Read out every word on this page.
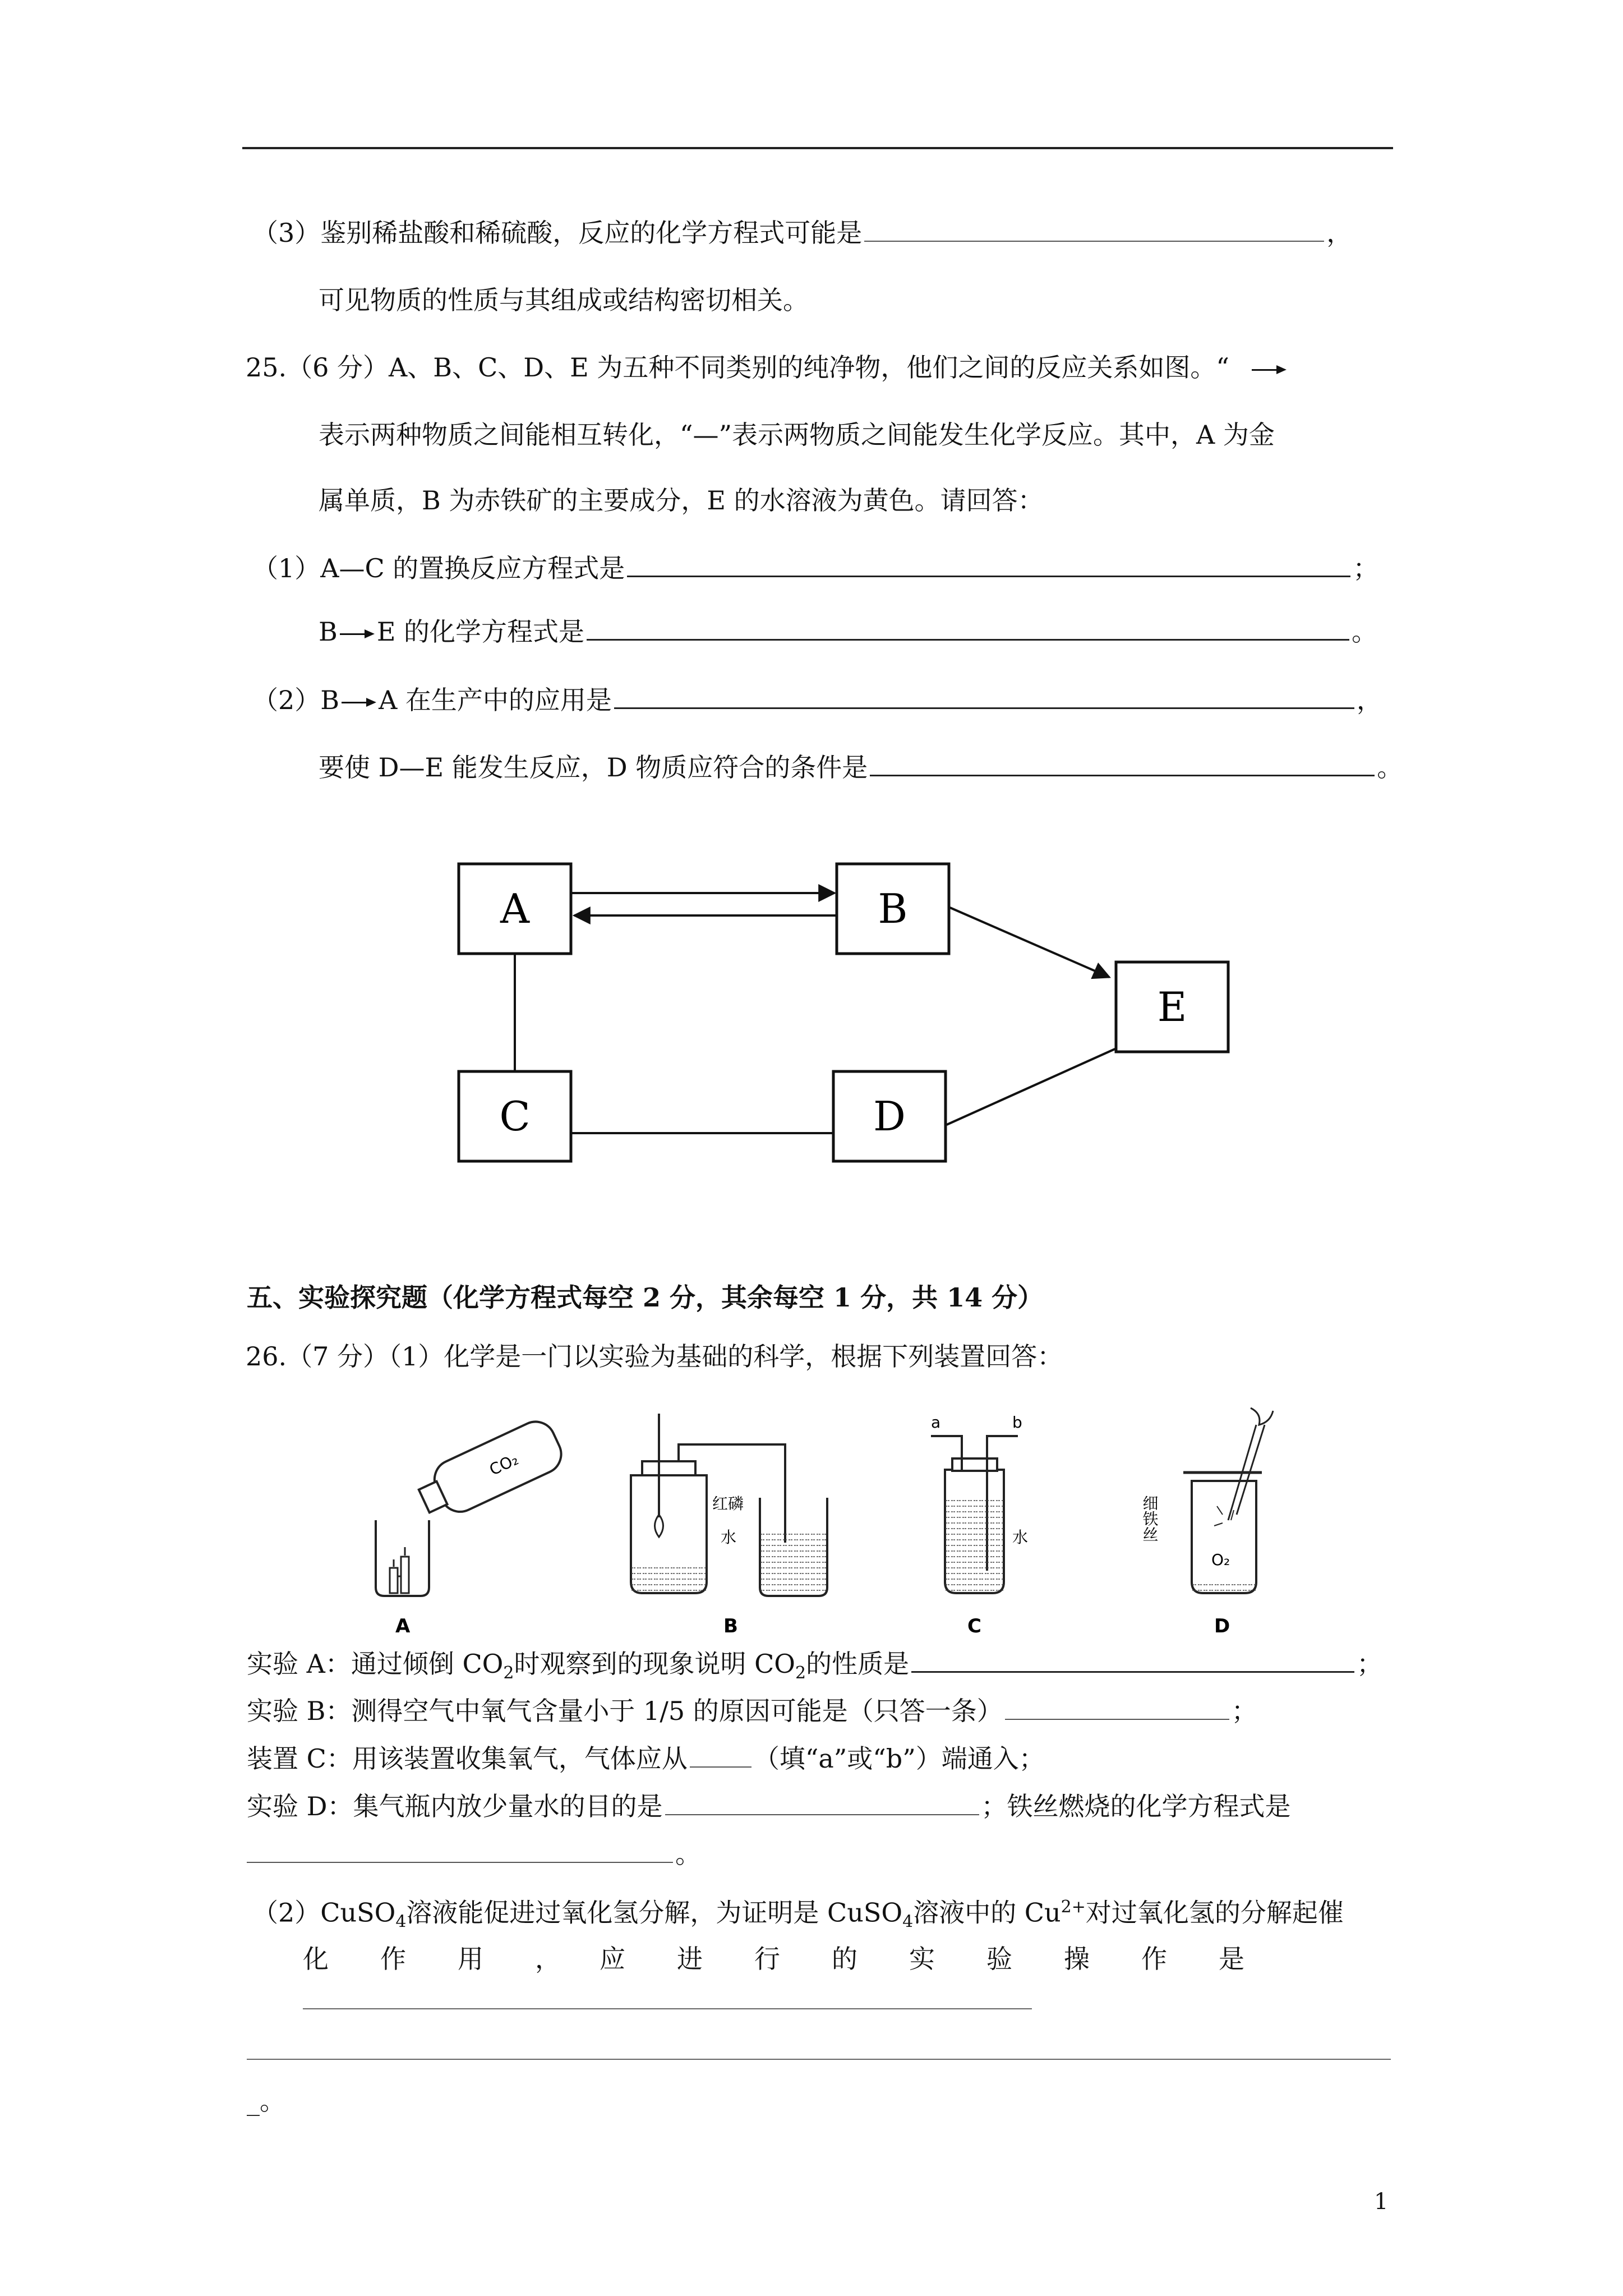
（3）鉴别稀盐酸和稀硫酸，反应的化学方程式可能是	，
可见物质的性质与其组成或结构密切相关。
25.（6 分）A、B、C、D、E 为五种不同类别的纯净物，他们之间的反应关系如图。“
表示两种物质之间能相互转化，“—”表示两物质之间能发生化学反应。其中，A 为金
属单质，B 为赤铁矿的主要成分，E 的水溶液为黄色。请回答：
（1）A—C 的置换反应方程式是	；
B E 的化学方程式是	。
（2）B A 在生产中的应用是	，
要使 D—E 能发生反应，D 物质应符合的条件是	。
A	B
C	D
E
五、实验探究题（化学方程式每空 2 分，其余每空 1 分，共 14 分）
26.（7 分）（1）化学是一门以实验为基础的科学，根据下列装置回答：
CO₂
A
红磷
水
B
a	b
水
C
细铁丝
O₂
D
实验 A：通过倾倒 $CO_2$时观察到的现象说明 $CO_2$的性质是	；
实验 B：测得空气中氧气含量小于 1/5 的原因可能是（只答一条）	；
装置 C：用该装置收集氧气，气体应从	（填“a”或“b”）端通入；
实验 D：集气瓶内放少量水的目的是	；铁丝燃烧的化学方程式是
。
（2）CuSO$_4$溶液能促进过氧化氢分解，为证明是 CuSO$_4$溶液中的 $Cu^{2+}$对过氧化氢的分解起催
化　　作　　用　　，　　应　　进　　行　　的　　实　　验　　操　　作　　是
_。
1
